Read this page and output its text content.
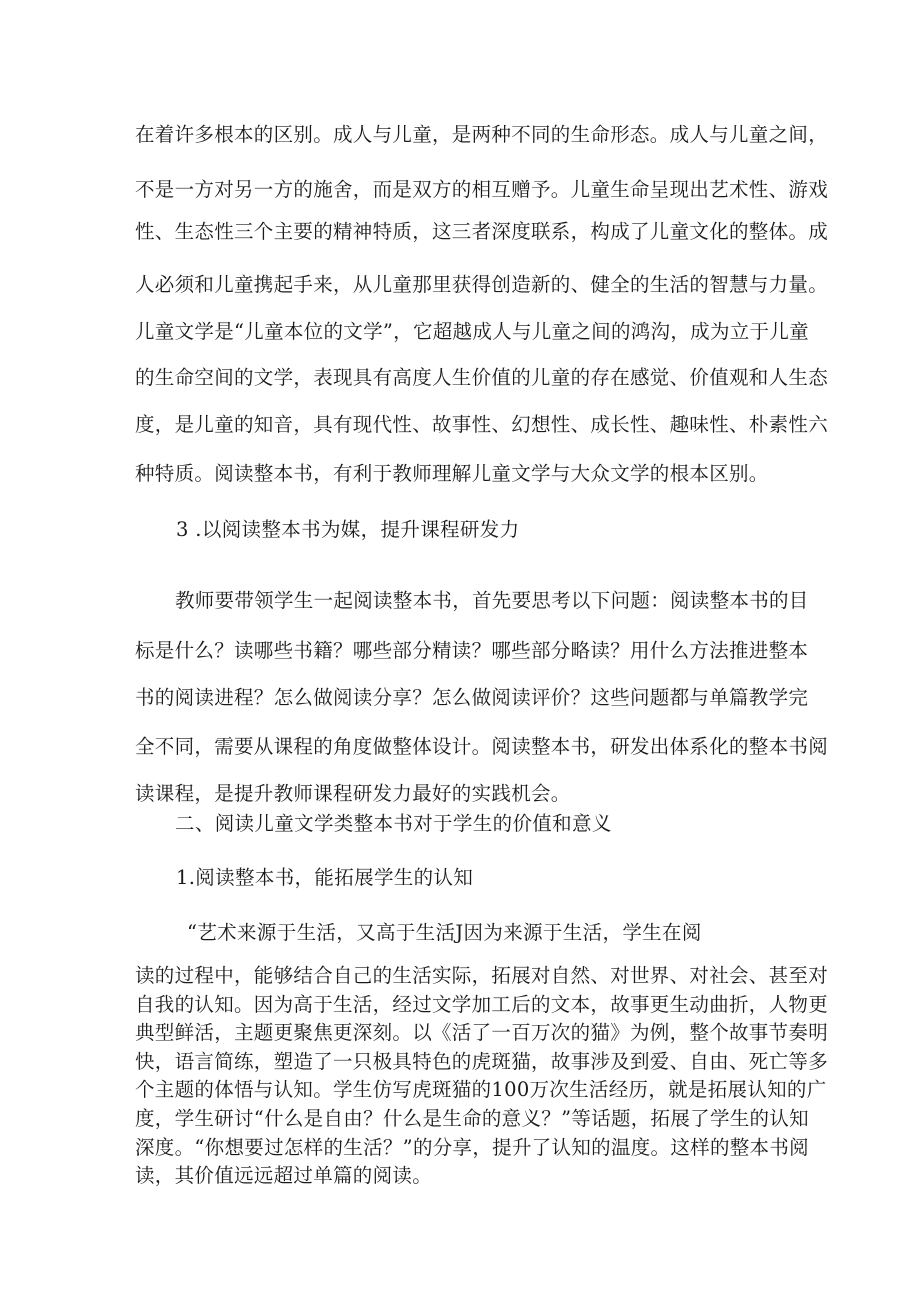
在着许多根本的区别。成人与儿童，是两种不同的生命形态。成人与儿童之间，
不是一方对另一方的施舍，而是双方的相互赠予。儿童生命呈现出艺术性、游戏
性、生态性三个主要的精神特质，这三者深度联系，构成了儿童文化的整体。成
人必须和儿童携起手来，从儿童那里获得创造新的、健全的生活的智慧与力量。
儿童文学是“儿童本位的文学”，它超越成人与儿童之间的鸿沟，成为立于儿童
的生命空间的文学，表现具有高度人生价值的儿童的存在感觉、价值观和人生态
度，是儿童的知音，具有现代性、故事性、幻想性、成长性、趣味性、朴素性六
种特质。阅读整本书，有利于教师理解儿童文学与大众文学的根本区别。
3 .以阅读整本书为媒，提升课程研发力
教师要带领学生一起阅读整本书，首先要思考以下问题：阅读整本书的目
标是什么？读哪些书籍？哪些部分精读？哪些部分略读？用什么方法推进整本
书的阅读进程？怎么做阅读分享？怎么做阅读评价？这些问题都与单篇教学完
全不同，需要从课程的角度做整体设计。阅读整本书，研发出体系化的整本书阅
读课程，是提升教师课程研发力最好的实践机会。
二、阅读儿童文学类整本书对于学生的价值和意义
1.阅读整本书，能拓展学生的认知
“艺术来源于生活，又高于生活J因为来源于生活，学生在阅
读的过程中，能够结合自己的生活实际，拓展对自然、对世界、对社会、甚至对
自我的认知。因为高于生活，经过文学加工后的文本，故事更生动曲折，人物更
典型鲜活，主题更聚焦更深刻。以《活了一百万次的猫》为例，整个故事节奏明
快，语言简练，塑造了一只极具特色的虎斑猫，故事涉及到爱、自由、死亡等多
个主题的体悟与认知。学生仿写虎斑猫的100万次生活经历，就是拓展认知的广
度，学生研讨“什么是自由？什么是生命的意义？”等话题，拓展了学生的认知
深度。“你想要过怎样的生活？”的分享，提升了认知的温度。这样的整本书阅
读，其价值远远超过单篇的阅读。
